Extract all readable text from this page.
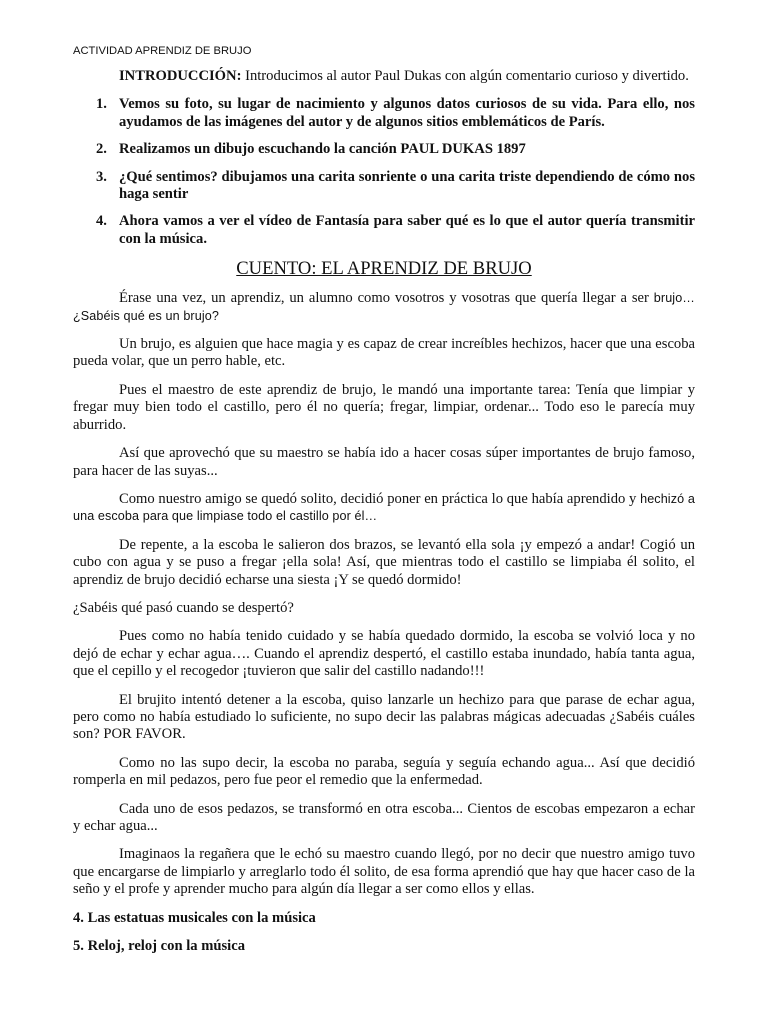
ACTIVIDAD APRENDIZ DE BRUJO

INTRODUCCIÓN: Introducimos al autor Paul Dukas con algún comentario curioso y divertido.

1. Vemos su foto, su lugar de nacimiento y algunos datos curiosos de su vida. Para ello, nos ayudamos de las imágenes del autor y de algunos sitios emblemáticos de París.
2. Realizamos un dibujo escuchando la canción PAUL DUKAS 1897
3. ¿Qué sentimos? dibujamos una carita sonriente o una carita triste dependiendo de cómo nos haga sentir
4. Ahora vamos a ver el vídeo de Fantasía para saber qué es lo que el autor quería transmitir con la música.
CUENTO: EL APRENDIZ DE BRUJO

Érase una vez, un aprendiz, un alumno como vosotros y vosotras que quería llegar a ser brujo… ¿Sabéis qué es un brujo?

Un brujo, es alguien que hace magia y es capaz de crear increíbles hechizos, hacer que una escoba pueda volar, que un perro hable, etc.

Pues el maestro de este aprendiz de brujo, le mandó una importante tarea: Tenía que limpiar y fregar muy bien todo el castillo, pero él no quería; fregar, limpiar, ordenar... Todo eso le parecía muy aburrido.

Así que aprovechó que su maestro se había ido a hacer cosas súper importantes de brujo famoso, para hacer de las suyas...

Como nuestro amigo se quedó solito, decidió poner en práctica lo que había aprendido y hechizó a una escoba para que limpiase todo el castillo por él…

De repente, a la escoba le salieron dos brazos, se levantó ella sola ¡y empezó a andar! Cogió un cubo con agua y se puso a fregar ¡ella sola! Así, que mientras todo el castillo se limpiaba él solito, el aprendiz de brujo decidió echarse una siesta ¡Y se quedó dormido!

¿Sabéis qué pasó cuando se despertó?

Pues como no había tenido cuidado y se había quedado dormido, la escoba se volvió loca y no dejó de echar y echar agua…. Cuando el aprendiz despertó, el castillo estaba inundado, había tanta agua, que el cepillo y el recogedor ¡tuvieron que salir del castillo nadando!!!

El brujito intentó detener a la escoba, quiso lanzarle un hechizo para que parase de echar agua, pero como no había estudiado lo suficiente, no supo decir las palabras mágicas adecuadas ¿Sabéis cuáles son? POR FAVOR.

Como no las supo decir, la escoba no paraba, seguía y seguía echando agua... Así que decidió romperla en mil pedazos, pero fue peor el remedio que la enfermedad.

Cada uno de esos pedazos, se transformó en otra escoba... Cientos de escobas empezaron a echar y echar agua...

Imaginaos la regañera que le echó su maestro cuando llegó, por no decir que nuestro amigo tuvo que encargarse de limpiarlo y arreglarlo todo él solito, de esa forma aprendió que hay que hacer caso de la seño y el profe y aprender mucho para algún día llegar a ser como ellos y ellas.

4. Las estatuas musicales con la música

5. Reloj, reloj con la música
